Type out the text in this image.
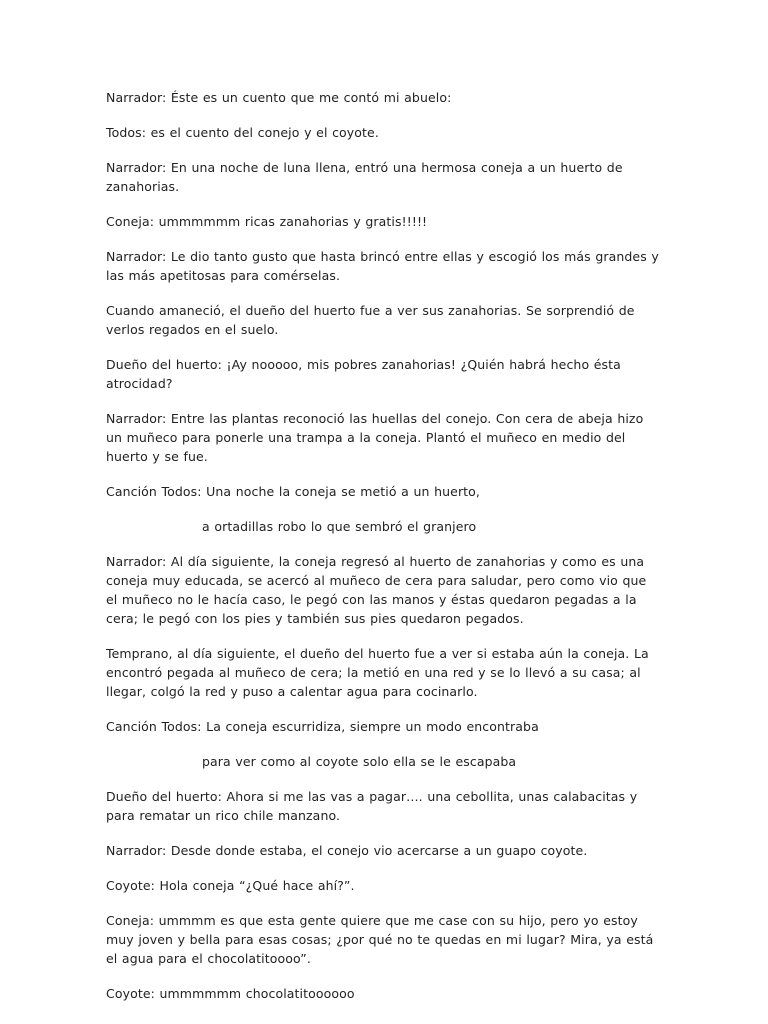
Narrador: Éste es un cuento que me contó mi abuelo:

Todos: es el cuento del conejo y el coyote.

Narrador: En una noche de luna llena, entró una hermosa coneja a un huerto de zanahorias.

Coneja: ummmmmm ricas zanahorias y gratis!!!!!

Narrador: Le dio tanto gusto que hasta brincó entre ellas y escogió los más grandes y las más apetitosas para comérselas.

Cuando amaneció, el dueño del huerto fue a ver sus zanahorias. Se sorprendió de verlos regados en el suelo.

Dueño del huerto: ¡Ay nooooo, mis pobres zanahorias! ¿Quién habrá hecho ésta atrocidad?

Narrador: Entre las plantas reconoció las huellas del conejo. Con cera de abeja hizo un muñeco para ponerle una trampa a la coneja. Plantó el muñeco en medio del huerto y se fue.

Canción Todos: Una noche la coneja se metió a un huerto,

a ortadillas robo lo que sembró el granjero

Narrador: Al día siguiente, la coneja regresó al huerto de zanahorias y como es una coneja muy educada, se acercó al muñeco de cera para saludar, pero como vio que el muñeco no le hacía caso, le pegó con las manos y éstas quedaron pegadas a la cera; le pegó con los pies y también sus pies quedaron pegados.

Temprano, al día siguiente, el dueño del huerto fue a ver si estaba aún la coneja. La encontró pegada al muñeco de cera; la metió en una red y se lo llevó a su casa; al llegar, colgó la red y puso a calentar agua para cocinarlo.

Canción Todos: La coneja escurridiza, siempre un modo encontraba

para ver como al coyote solo ella se le escapaba

Dueño del huerto: Ahora si me las vas a pagar…. una cebollita, unas calabacitas y para rematar un rico chile manzano.

Narrador: Desde donde estaba, el conejo vio acercarse a un guapo coyote.

Coyote: Hola coneja “¿Qué hace ahí?”.

Coneja: ummmm es que esta gente quiere que me case con su hijo, pero yo estoy muy joven y bella para esas cosas; ¿por qué no te quedas en mi lugar? Mira, ya está el agua para el chocolatitoooo”.

Coyote: ummmmmm chocolatitoooooo
